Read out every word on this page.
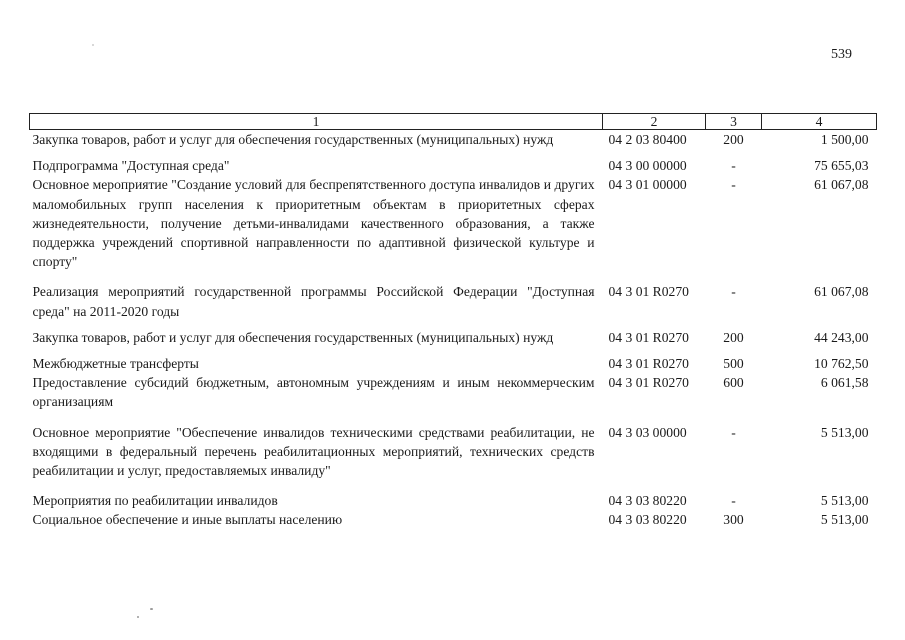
539
1	2	3	4
Закупка товаров, работ и услуг для обеспечения государственных (муниципальных) нужд	04 2 03 80400	200	1 500,00
Подпрограмма "Доступная среда"	04 3 00 00000	-	75 655,03
Основное мероприятие "Создание условий для беспрепятственного доступа инвалидов и других маломобильных групп населения к приоритетным объектам в приоритетных сферах жизнедеятельности, получение детьми-инвалидами качественного образования, а также поддержка учреждений спортивной направленности по адаптивной физической культуре и спорту"	04 3 01 00000	-	61 067,08
Реализация мероприятий государственной программы Российской Федерации "Доступная среда" на 2011-2020 годы	04 3 01 R0270	-	61 067,08
Закупка товаров, работ и услуг для обеспечения государственных (муниципальных) нужд	04 3 01 R0270	200	44 243,00
Межбюджетные трансферты	04 3 01 R0270	500	10 762,50
Предоставление субсидий бюджетным, автономным учреждениям и иным некоммерческим организациям	04 3 01 R0270	600	6 061,58
Основное мероприятие "Обеспечение инвалидов техническими средствами реабилитации, не входящими в федеральный перечень реабилитационных мероприятий, технических средств реабилитации и услуг, предоставляемых инвалиду"	04 3 03 00000	-	5 513,00
Мероприятия по реабилитации инвалидов	04 3 03 80220	-	5 513,00
Социальное обеспечение и иные выплаты населению	04 3 03 80220	300	5 513,00
